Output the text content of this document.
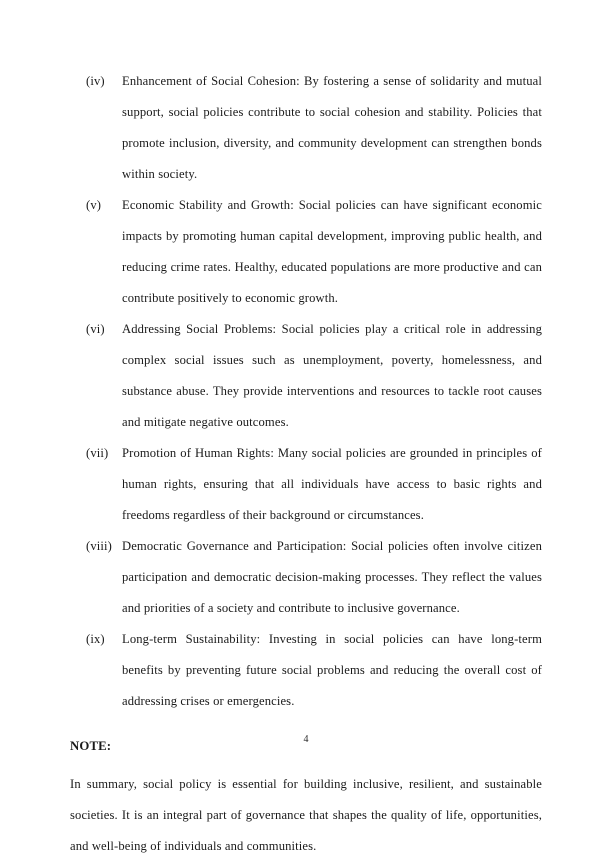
(iv)	Enhancement of Social Cohesion: By fostering a sense of solidarity and mutual support, social policies contribute to social cohesion and stability. Policies that promote inclusion, diversity, and community development can strengthen bonds within society.
(v)	Economic Stability and Growth: Social policies can have significant economic impacts by promoting human capital development, improving public health, and reducing crime rates. Healthy, educated populations are more productive and can contribute positively to economic growth.
(vi)	Addressing Social Problems: Social policies play a critical role in addressing complex social issues such as unemployment, poverty, homelessness, and substance abuse. They provide interventions and resources to tackle root causes and mitigate negative outcomes.
(vii)	Promotion of Human Rights: Many social policies are grounded in principles of human rights, ensuring that all individuals have access to basic rights and freedoms regardless of their background or circumstances.
(viii) Democratic Governance and Participation: Social policies often involve citizen participation and democratic decision-making processes. They reflect the values and priorities of a society and contribute to inclusive governance.
(ix)	Long-term Sustainability: Investing in social policies can have long-term benefits by preventing future social problems and reducing the overall cost of addressing crises or emergencies.

NOTE:

In summary, social policy is essential for building inclusive, resilient, and sustainable societies. It is an integral part of governance that shapes the quality of life, opportunities, and well-being of individuals and communities.

4
